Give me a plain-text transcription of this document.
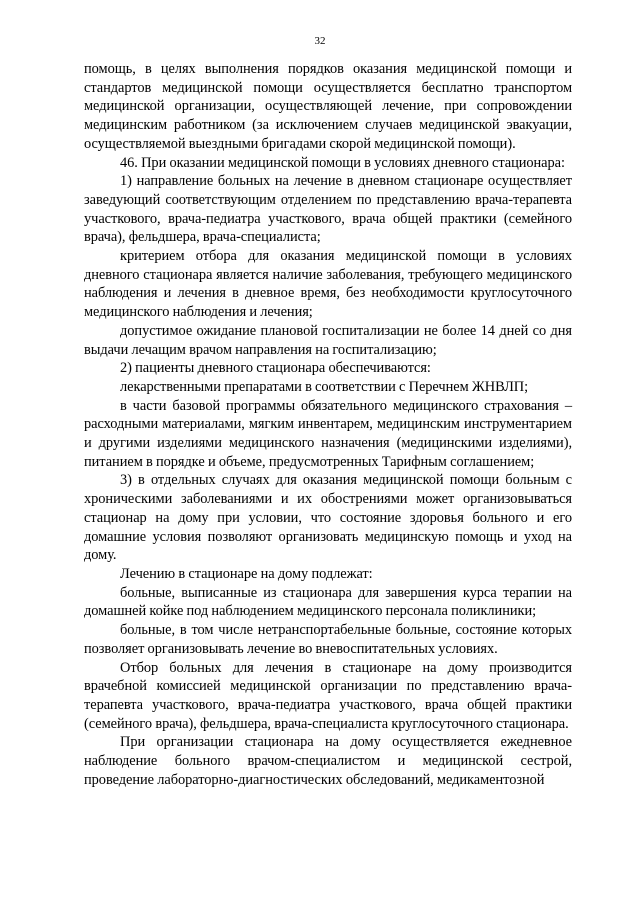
32

помощь, в целях выполнения порядков оказания медицинской помощи и стандартов медицинской помощи осуществляется бесплатно транспортом медицинской организации, осуществляющей лечение, при сопровождении медицинским работником (за исключением случаев медицинской эвакуации, осуществляемой выездными бригадами скорой медицинской помощи).

46. При оказании медицинской помощи в условиях дневного стационара:

1) направление больных на лечение в дневном стационаре осуществляет заведующий соответствующим отделением по представлению врача-терапевта участкового, врача-педиатра участкового, врача общей практики (семейного врача), фельдшера, врача-специалиста;

критерием отбора для оказания медицинской помощи в условиях дневного стационара является наличие заболевания, требующего медицинского наблюдения и лечения в дневное время, без необходимости круглосуточного медицинского наблюдения и лечения;

допустимое ожидание плановой госпитализации не более 14 дней со дня выдачи лечащим врачом направления на госпитализацию;

2) пациенты дневного стационара обеспечиваются:

лекарственными препаратами в соответствии с Перечнем ЖНВЛП;

в части базовой программы обязательного медицинского страхования – расходными материалами, мягким инвентарем, медицинским инструментарием и другими изделиями медицинского назначения (медицинскими изделиями), питанием в порядке и объеме, предусмотренных Тарифным соглашением;

3) в отдельных случаях для оказания медицинской помощи больным с хроническими заболеваниями и их обострениями может организовываться стационар на дому при условии, что состояние здоровья больного и его домашние условия позволяют организовать медицинскую помощь и уход на дому.

Лечению в стационаре на дому подлежат:

больные, выписанные из стационара для завершения курса терапии на домашней койке под наблюдением медицинского персонала поликлиники;

больные, в том числе нетранспортабельные больные, состояние которых позволяет организовывать лечение во вневоспитательных условиях.

Отбор больных для лечения в стационаре на дому производится врачебной комиссией медицинской организации по представлению врача-терапевта участкового, врача-педиатра участкового, врача общей практики (семейного врача), фельдшера, врача-специалиста круглосуточного стационара.

При организации стационара на дому осуществляется ежедневное наблюдение больного врачом-специалистом и медицинской сестрой, проведение лабораторно-диагностических обследований, медикаментозной
